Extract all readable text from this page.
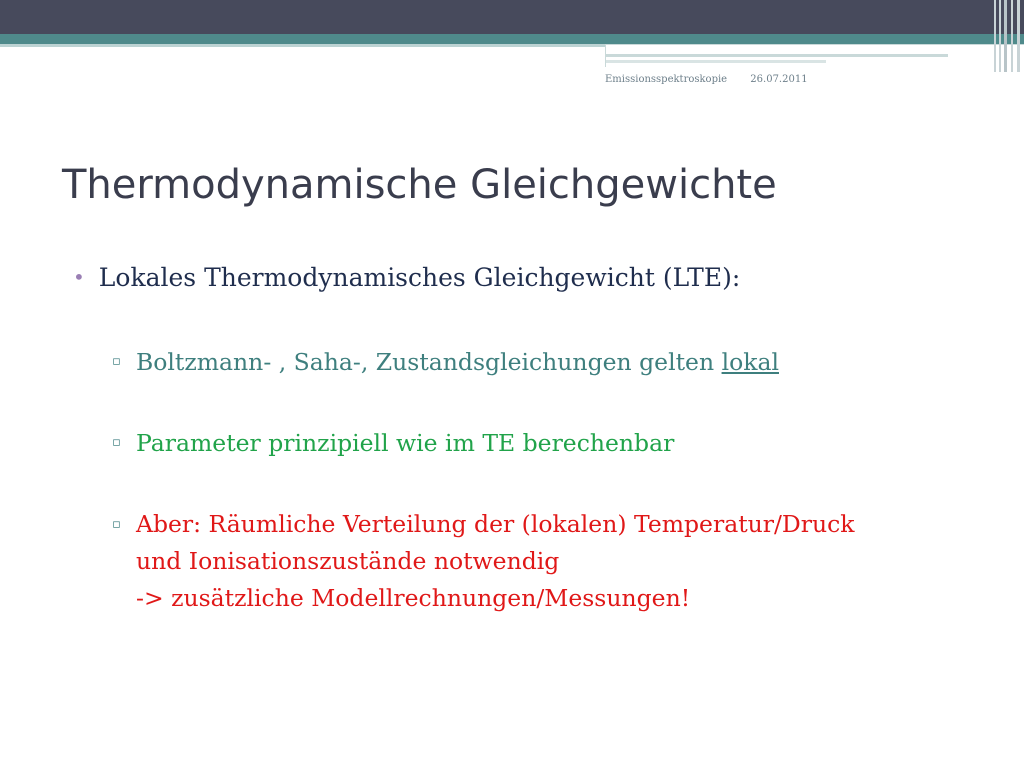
Emissionsspektroskopie 26.07.2011
Thermodynamische Gleichgewichte
• Lokales Thermodynamisches Gleichgewicht (LTE):
▫ Boltzmann- , Saha-, Zustandsgleichungen gelten lokal
▫ Parameter prinzipiell wie im TE berechenbar
▫ Aber: Räumliche Verteilung der (lokalen) Temperatur/Druck
und Ionisationszustände notwendig
-> zusätzliche Modellrechnungen/Messungen!
